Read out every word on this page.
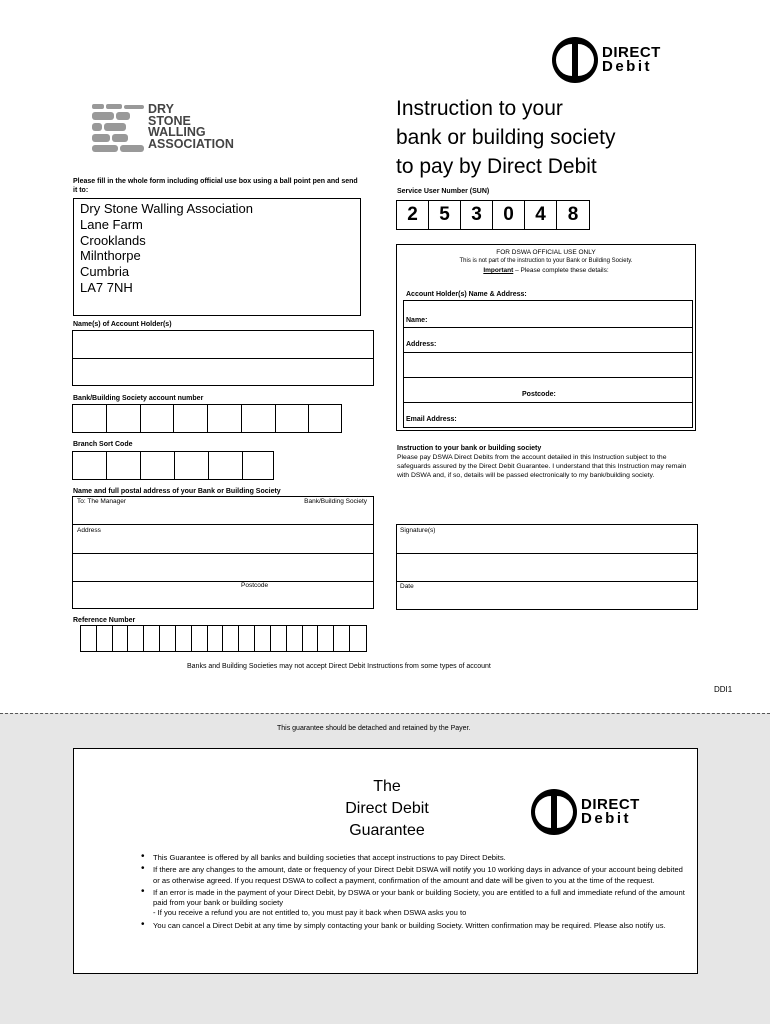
DIRECT
Debit
DRY
STONE
WALLING
ASSOCIATION
Instruction to your
bank or building society
to pay by Direct Debit
Please fill in the whole form including official use box using a ball point pen and send it to:
Dry Stone Walling Association
Lane Farm
Crooklands
Milnthorpe
Cumbria
LA7 7NH
Name(s) of Account Holder(s)
Bank/Building Society account number
Branch Sort Code
Name and full postal address of your Bank or Building Society
To: The Manager	Bank/Building Society
Address
Postcode
Reference Number
Banks and Building Societies may not accept Direct Debit Instructions from some types of account
DDI1
Service User Number (SUN)
2	5	3	0	4	8
FOR DSWA OFFICIAL USE ONLY
This is not part of the instruction to your Bank or Building Society.
Important – Please complete these details:
Account Holder(s) Name & Address:
Name:
Address:
Postcode:
Email Address:
Instruction to your bank or building society
Please pay DSWA Direct Debits from the account detailed in this Instruction subject to the safeguards assured by the Direct Debit Guarantee. I understand that this Instruction may remain with DSWA and, if so, details will be passed electronically to my bank/building society.
Signature(s)
Date
This guarantee should be detached and retained by the Payer.
The
Direct Debit
Guarantee
DIRECT
Debit
• This Guarantee is offered by all banks and building societies that accept instructions to pay Direct Debits.
• If there are any changes to the amount, date or frequency of your Direct Debit DSWA will notify you 10 working days in advance of your account being debited or as otherwise agreed. If you request DSWA to collect a payment, confirmation of the amount and date will be given to you at the time of the request.
• If an error is made in the payment of your Direct Debit, by DSWA or your bank or building Society, you are entitled to a full and immediate refund of the amount paid from your bank or building society
- If you receive a refund you are not entitled to, you must pay it back when DSWA asks you to
• You can cancel a Direct Debit at any time by simply contacting your bank or building Society. Written confirmation may be required. Please also notify us.
